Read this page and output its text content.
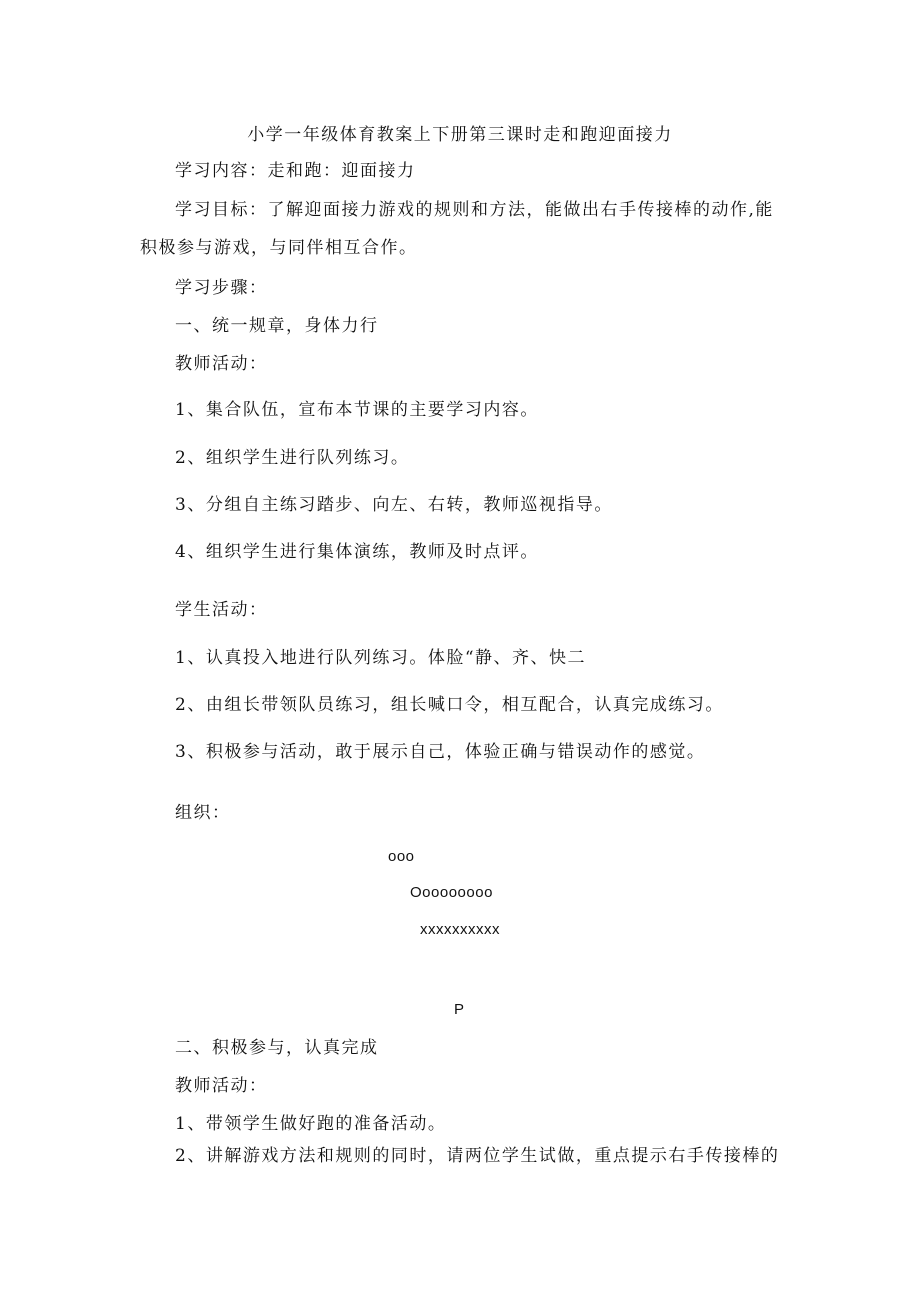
小学一年级体育教案上下册第三课时走和跑迎面接力
学习内容：走和跑：迎面接力
学习目标：了解迎面接力游戏的规则和方法，能做出右手传接棒的动作,能
积极参与游戏，与同伴相互合作。
学习步骤：
一、统一规章，身体力行
教师活动：
1、集合队伍，宣布本节课的主要学习内容。
2、组织学生进行队列练习。
3、分组自主练习踏步、向左、右转，教师巡视指导。
4、组织学生进行集体演练，教师及时点评。
学生活动：
1、认真投入地进行队列练习。体脸“静、齐、快二
2、由组长带领队员练习，组长喊口令，相互配合，认真完成练习。
3、积极参与活动，敢于展示自己，体验正确与错误动作的感觉。
组织：
ooo
Ooooooooo
xxxxxxxxxx
P
二、积极参与，认真完成
教师活动：
1、带领学生做好跑的准备活动。
2、讲解游戏方法和规则的同时，请两位学生试做，重点提示右手传接棒的
